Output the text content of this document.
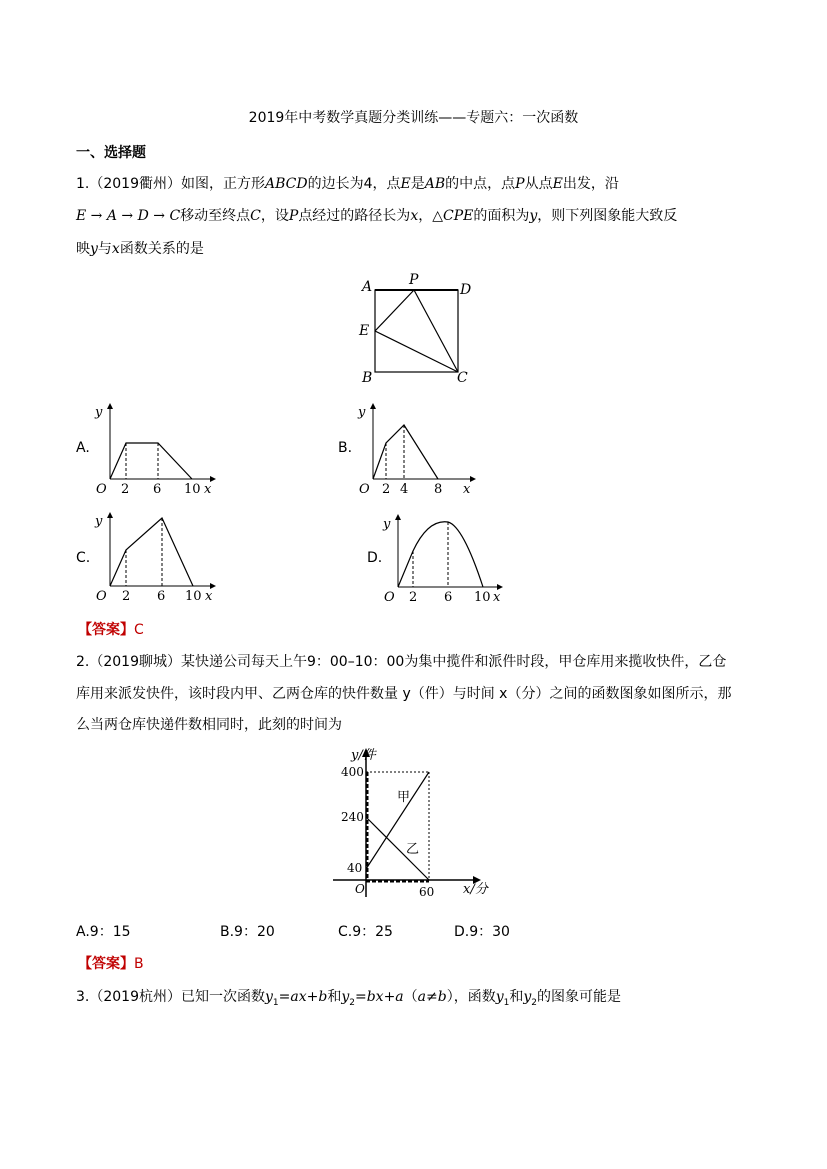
2019年中考数学真题分类训练——专题六：一次函数
一、选择题
1.（2019衢州）如图，正方形ABCD的边长为4，点E是AB的中点，点P从点E出发，沿
E → A → D → C移动至终点C，设P点经过的路径长为x，△CPE的面积为y，则下列图象能大致反
映y与x函数关系的是
A	P
D
E
B	C
A.
y
O 2 6 10 x
B.
y
O 2 4 8 x
C.
y
O 2 6 10 x
D.
y
O 2 6 10 x
【答案】C
2.（2019聊城）某快递公司每天上午9：00–10：00为集中揽件和派件时段，甲仓库用来揽收快件，乙仓
库用来派发快件，该时段内甲、乙两仓库的快件数量 y（件）与时间 x（分）之间的函数图象如图所示，那
么当两仓库快递件数相同时，此刻的时间为
y/件
400
240
40
O	60 x/分
甲
乙
A.9：15	B.9：20	C.9：25	D.9：30
【答案】B
3.（2019杭州）已知一次函数$y_1=ax+b$和$y_2=bx+a(a\ne b)$，函数$y_1$和$y_2$的图象可能是
